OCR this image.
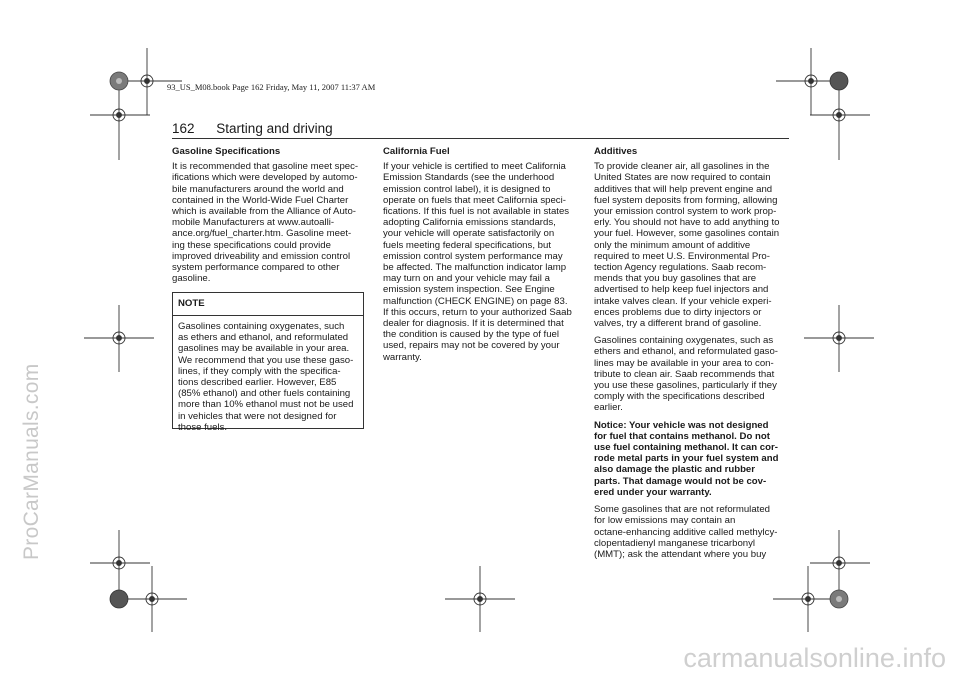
ProCarManuals.com
carmanualsonline.info
93_US_M08.book Page 162 Friday, May 11, 2007 11:37 AM
162 Starting and driving
Gasoline Specifications

It is recommended that gasoline meet spec-
ifications which were developed by automo-
bile manufacturers around the world and
contained in the World-Wide Fuel Charter
which is available from the Alliance of Auto-
mobile Manufacturers at www.autoalli-
ance.org/fuel_charter.htm. Gasoline meet-
ing these specifications could provide
improved driveability and emission control
system performance compared to other
gasoline.

NOTE
Gasolines containing oxygenates, such
as ethers and ethanol, and reformulated
gasolines may be available in your area.
We recommend that you use these gaso-
lines, if they comply with the specifica-
tions described earlier. However, E85
(85% ethanol) and other fuels containing
more than 10% ethanol must not be used
in vehicles that were not designed for
those fuels.
California Fuel

If your vehicle is certified to meet California
Emission Standards (see the underhood
emission control label), it is designed to
operate on fuels that meet California speci-
fications. If this fuel is not available in states
adopting California emissions standards,
your vehicle will operate satisfactorily on
fuels meeting federal specifications, but
emission control system performance may
be affected. The malfunction indicator lamp
may turn on and your vehicle may fail a
emission system inspection. See Engine
malfunction (CHECK ENGINE) on page 83.
If this occurs, return to your authorized Saab
dealer for diagnosis. If it is determined that
the condition is caused by the type of fuel
used, repairs may not be covered by your
warranty.

Additives

To provide cleaner air, all gasolines in the
United States are now required to contain
additives that will help prevent engine and
fuel system deposits from forming, allowing
your emission control system to work prop-
erly. You should not have to add anything to
your fuel. However, some gasolines contain
only the minimum amount of additive
required to meet U.S. Environmental Pro-
tection Agency regulations. Saab recom-
mends that you buy gasolines that are
advertised to help keep fuel injectors and
intake valves clean. If your vehicle experi-
ences problems due to dirty injectors or
valves, try a different brand of gasoline.

Gasolines containing oxygenates, such as
ethers and ethanol, and reformulated gaso-
lines may be available in your area to con-
tribute to clean air. Saab recommends that
you use these gasolines, particularly if they
comply with the specifications described
earlier.

Notice: Your vehicle was not designed
for fuel that contains methanol. Do not
use fuel containing methanol. It can cor-
rode metal parts in your fuel system and
also damage the plastic and rubber
parts. That damage would not be cov-
ered under your warranty.

Some gasolines that are not reformulated
for low emissions may contain an
octane-enhancing additive called methylcy-
clopentadienyl manganese tricarbonyl
(MMT); ask the attendant where you buy
